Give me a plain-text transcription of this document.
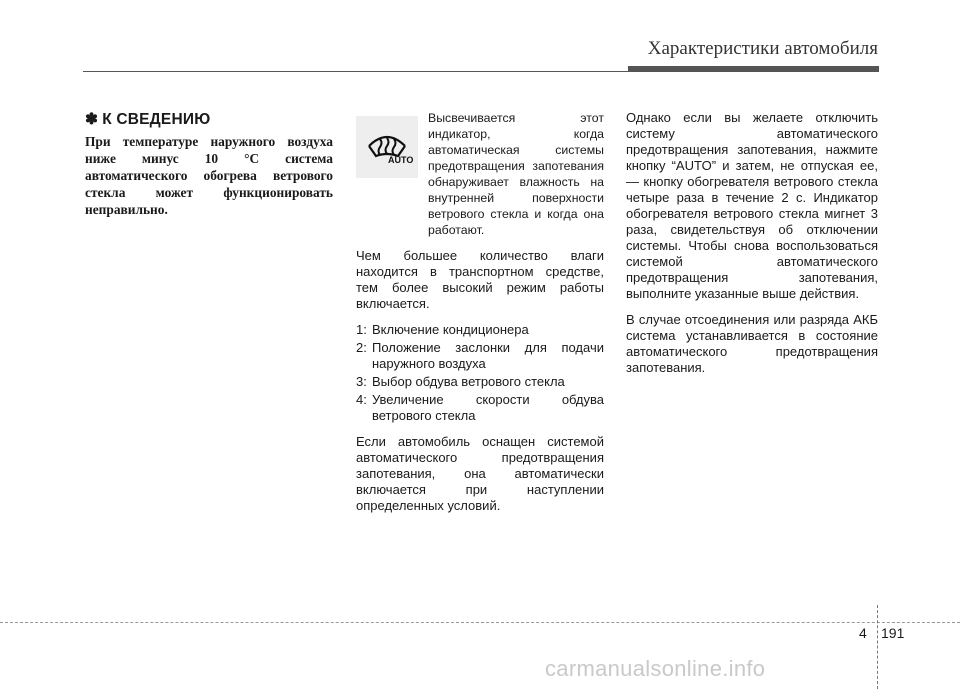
Характеристики автомобиля
✽ К СВЕДЕНИЮ

При температуре наружного воздуха ниже минус 10 °С система автоматического обогрева ветрового стекла может функционировать неправильно.

AUTO

Высвечивается этот индикатор, когда автоматическая системы предотвращения запотевания обнаруживает влажность на внутренней поверхности ветрового стекла и когда она работают.

Чем большее количество влаги находится в транспортном средстве, тем более высокий режим работы включается.

1: Включение кондиционера
2: Положение заслонки для подачи наружного воздуха
3: Выбор обдува ветрового стекла
4: Увеличение скорости обдува ветрового стекла

Если автомобиль оснащен системой автоматического предотвращения запотевания, она автоматически включается при наступлении определенных условий.

Однако если вы желаете отключить систему автоматического предотвращения запотевания, нажмите кнопку “AUTO” и затем, не отпуская ее, — кнопку обогревателя ветрового стекла четыре раза в течение 2 с. Индикатор обогревателя ветрового стекла мигнет 3 раза, свидетельствуя об отключении системы. Чтобы снова воспользоваться системой автоматического предотвращения запотевания, выполните указанные выше действия.

В случае отсоединения или разряда АКБ система устанавливается в состояние автоматического предотвращения запотевания.

4 191
carmanualsonline.info
